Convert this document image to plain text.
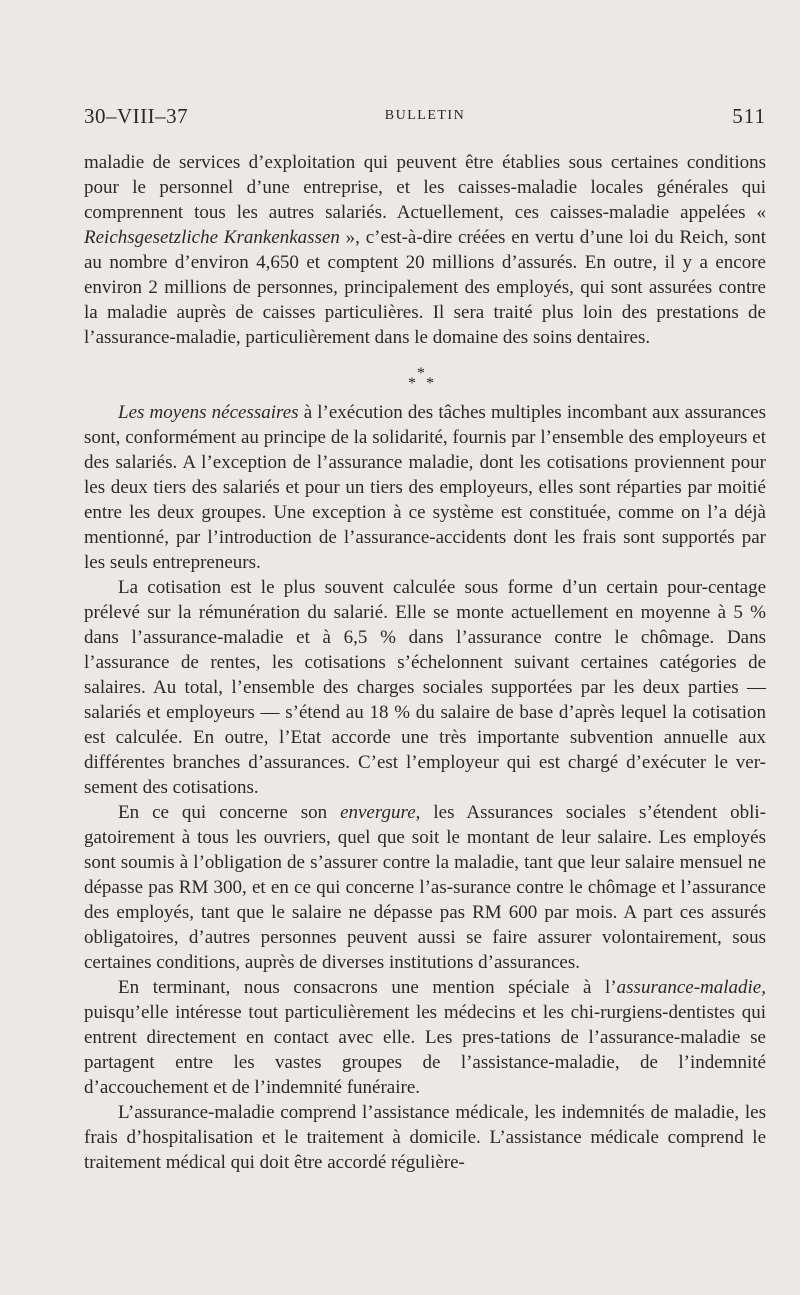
30–VIII–37	BULLETIN	511

maladie de services d’exploitation qui peuvent être établies sous certaines conditions pour le personnel d’une entreprise, et les caisses-maladie locales générales qui comprennent tous les autres salariés. Actuellement, ces caisses-maladie appelées « Reichsgesetzliche Krankenkassen », c’est-à-dire créées en vertu d’une loi du Reich, sont au nombre d’environ 4,650 et comptent 20 millions d’assurés. En outre, il y a encore environ 2 millions de personnes, principalement des employés, qui sont assurées contre la maladie auprès de caisses particulières. Il sera traité plus loin des prestations de l’assurance-maladie, particulièrement dans le domaine des soins dentaires.

*
* *

Les moyens nécessaires à l’exécution des tâches multiples incombant aux assurances sont, conformément au principe de la solidarité, fournis par l’ensemble des employeurs et des salariés. A l’exception de l’assurance maladie, dont les cotisations proviennent pour les deux tiers des salariés et pour un tiers des employeurs, elles sont réparties par moitié entre les deux groupes. Une exception à ce système est constituée, comme on l’a déjà mentionné, par l’introduction de l’assurance-accidents dont les frais sont supportés par les seuls entrepreneurs.

La cotisation est le plus souvent calculée sous forme d’un certain pour-centage prélevé sur la rémunération du salarié. Elle se monte actuellement en moyenne à 5 % dans l’assurance-maladie et à 6,5 % dans l’assurance contre le chômage. Dans l’assurance de rentes, les cotisations s’échelonnent suivant certaines catégories de salaires. Au total, l’ensemble des charges sociales supportées par les deux parties — salariés et employeurs — s’étend au 18 % du salaire de base d’après lequel la cotisation est calculée. En outre, l’Etat accorde une très importante subvention annuelle aux différentes branches d’assurances. C’est l’employeur qui est chargé d’exécuter le ver-sement des cotisations.

En ce qui concerne son envergure, les Assurances sociales s’étendent obli-gatoirement à tous les ouvriers, quel que soit le montant de leur salaire. Les employés sont soumis à l’obligation de s’assurer contre la maladie, tant que leur salaire mensuel ne dépasse pas RM 300, et en ce qui concerne l’as-surance contre le chômage et l’assurance des employés, tant que le salaire ne dépasse pas RM 600 par mois. A part ces assurés obligatoires, d’autres personnes peuvent aussi se faire assurer volontairement, sous certaines conditions, auprès de diverses institutions d’assurances.

En terminant, nous consacrons une mention spéciale à l’assurance-maladie, puisqu’elle intéresse tout particulièrement les médecins et les chi-rurgiens-dentistes qui entrent directement en contact avec elle. Les pres-tations de l’assurance-maladie se partagent entre les vastes groupes de l’assistance-maladie, de l’indemnité d’accouchement et de l’indemnité funéraire.

L’assurance-maladie comprend l’assistance médicale, les indemnités de maladie, les frais d’hospitalisation et le traitement à domicile. L’assistance médicale comprend le traitement médical qui doit être accordé régulière-
